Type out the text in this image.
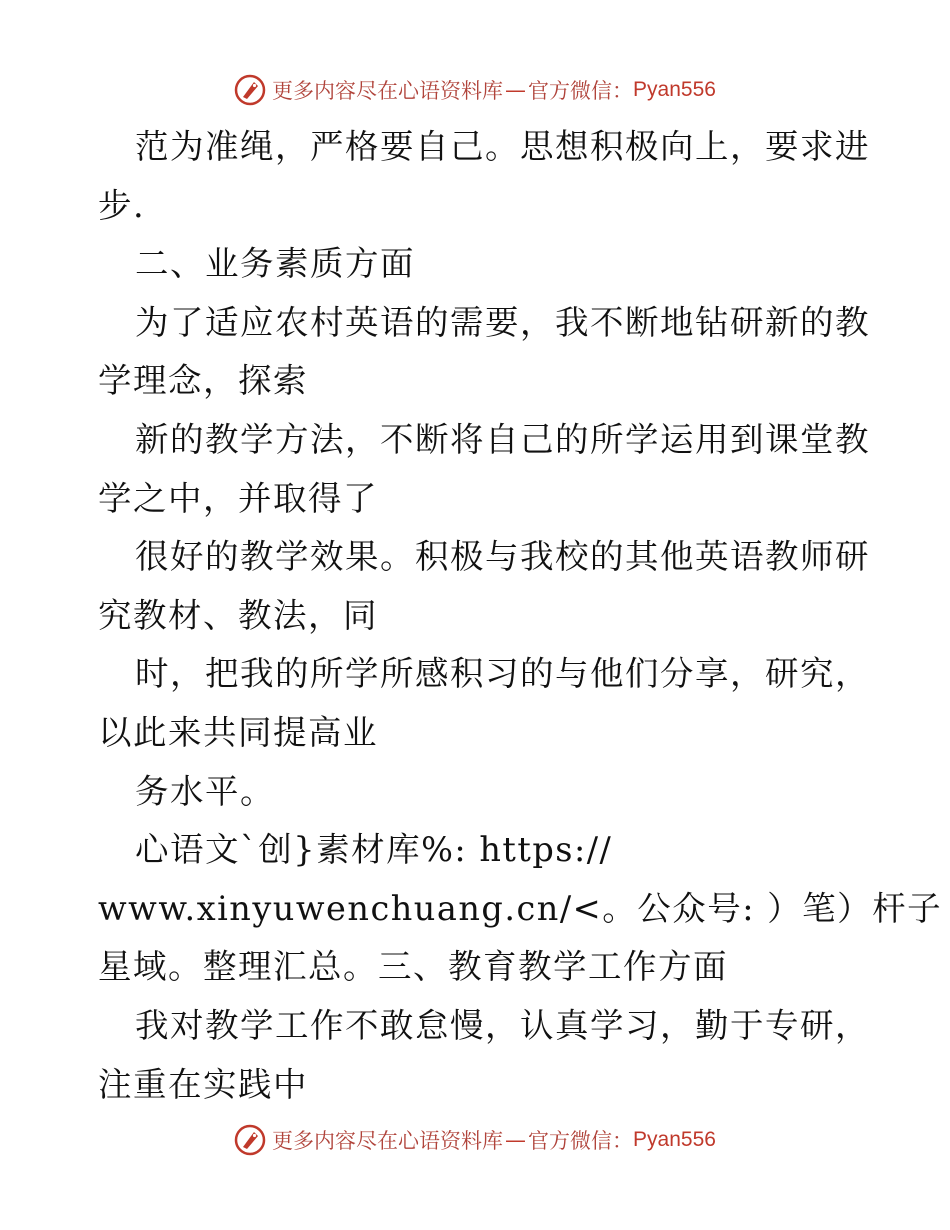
更多内容尽在心语资料库 — 官方微信： Pyan556
范为准绳，严格要自己。思想积极向上，要求进
步.
二、业务素质方面
为了适应农村英语的需要，我不断地钻研新的教
学理念，探索
新的教学方法，不断将自己的所学运用到课堂教
学之中，并取得了
很好的教学效果。积极与我校的其他英语教师研
究教材、教法，同
时，把我的所学所感积习的与他们分享，研究，
以此来共同提高业
务水平。
心语文`创}素材库%: https://
www.xinyuwenchuang.cn/<。公众号: ）笔）杆子
星域。整理汇总。三、教育教学工作方面
我对教学工作不敢怠慢，认真学习，勤于专研，
注重在实践中
更多内容尽在心语资料库 — 官方微信： Pyan556
